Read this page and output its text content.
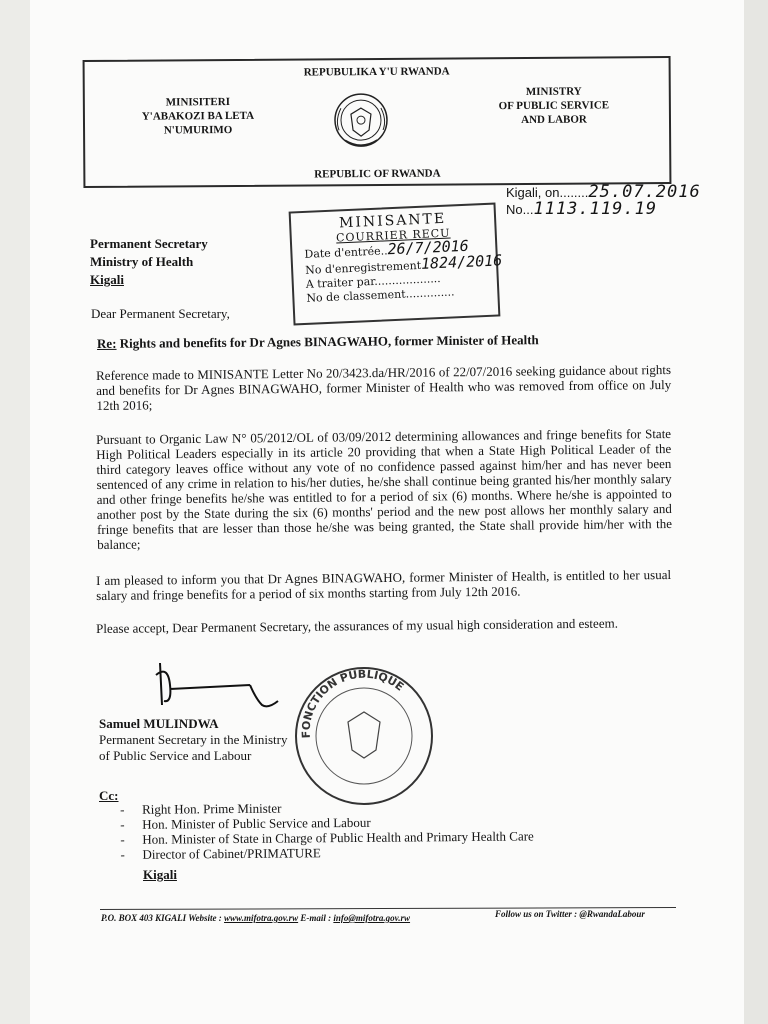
REPUBULIKA Y'U RWANDA
MINISITERI
Y'ABAKOZI BA LETA
N'UMURIMO
MINISTRY
OF PUBLIC SERVICE
AND LABOR
REPUBLIC OF RWANDA
Kigali, on........25.07.2016
No...1113.119.19
MINISANTE
COURRIER RECU
Date d'entrée..26/7/2016
No d'enregistrement1824/2016
A traiter par...................
No de classement..............
Permanent Secretary
Ministry of Health
Kigali
Dear Permanent Secretary,
Re: Rights and benefits for Dr Agnes BINAGWAHO, former Minister of Health
Reference made to MINISANTE Letter No 20/3423.da/HR/2016 of 22/07/2016 seeking guidance about rights and benefits for Dr Agnes BINAGWAHO, former Minister of Health who was removed from office on July 12th 2016;
Pursuant to Organic Law N° 05/2012/OL of 03/09/2012 determining allowances and fringe benefits for State High Political Leaders especially in its article 20 providing that when a State High Political Leader of the third category leaves office without any vote of no confidence passed against him/her and has never been sentenced of any crime in relation to his/her duties, he/she shall continue being granted his/her monthly salary and other fringe benefits he/she was entitled to for a period of six (6) months. Where he/she is appointed to another post by the State during the six (6) months' period and the new post allows her monthly salary and fringe benefits that are lesser than those he/she was being granted, the State shall provide him/her with the balance;
I am pleased to inform you that Dr Agnes BINAGWAHO, former Minister of Health, is entitled to her usual salary and fringe benefits for a period of six months starting from July 12th 2016.
Please accept, Dear Permanent Secretary, the assurances of my usual high consideration and esteem.
FONCTION PUBLIQUE
Samuel MULINDWA
Permanent Secretary in the Ministry
of Public Service and Labour
Cc:
- Right Hon. Prime Minister
- Hon. Minister of Public Service and Labour
- Hon. Minister of State in Charge of Public Health and Primary Health Care
- Director of Cabinet/PRIMATURE
Kigali
P.O. BOX 403 KIGALI Website : www.mifotra.gov.rw E-mail : info@mifotra.gov.rw	Follow us on Twitter : @RwandaLabour
